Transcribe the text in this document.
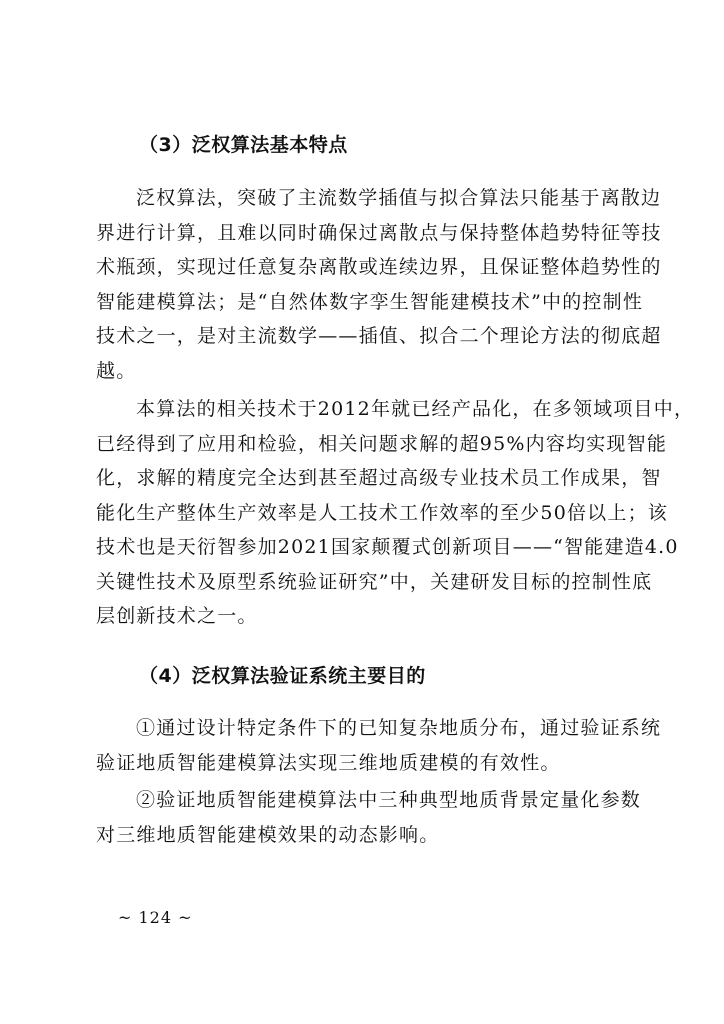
（3）泛权算法基本特点
泛权算法，突破了主流数学插值与拟合算法只能基于离散边
界进行计算，且难以同时确保过离散点与保持整体趋势特征等技
术瓶颈，实现过任意复杂离散或连续边界，且保证整体趋势性的
智能建模算法；是“自然体数字孪生智能建模技术”中的控制性
技术之一，是对主流数学——插值、拟合二个理论方法的彻底超
越。
本算法的相关技术于2012年就已经产品化，在多领域项目中，
已经得到了应用和检验，相关问题求解的超95%内容均实现智能
化，求解的精度完全达到甚至超过高级专业技术员工作成果，智
能化生产整体生产效率是人工技术工作效率的至少50倍以上；该
技术也是天衍智参加2021国家颠覆式创新项目——“智能建造4.0
关键性技术及原型系统验证研究”中，关建研发目标的控制性底
层创新技术之一。
（4）泛权算法验证系统主要目的
①通过设计特定条件下的已知复杂地质分布，通过验证系统
验证地质智能建模算法实现三维地质建模的有效性。
②验证地质智能建模算法中三种典型地质背景定量化参数
对三维地质智能建模效果的动态影响。
~ 124 ~
